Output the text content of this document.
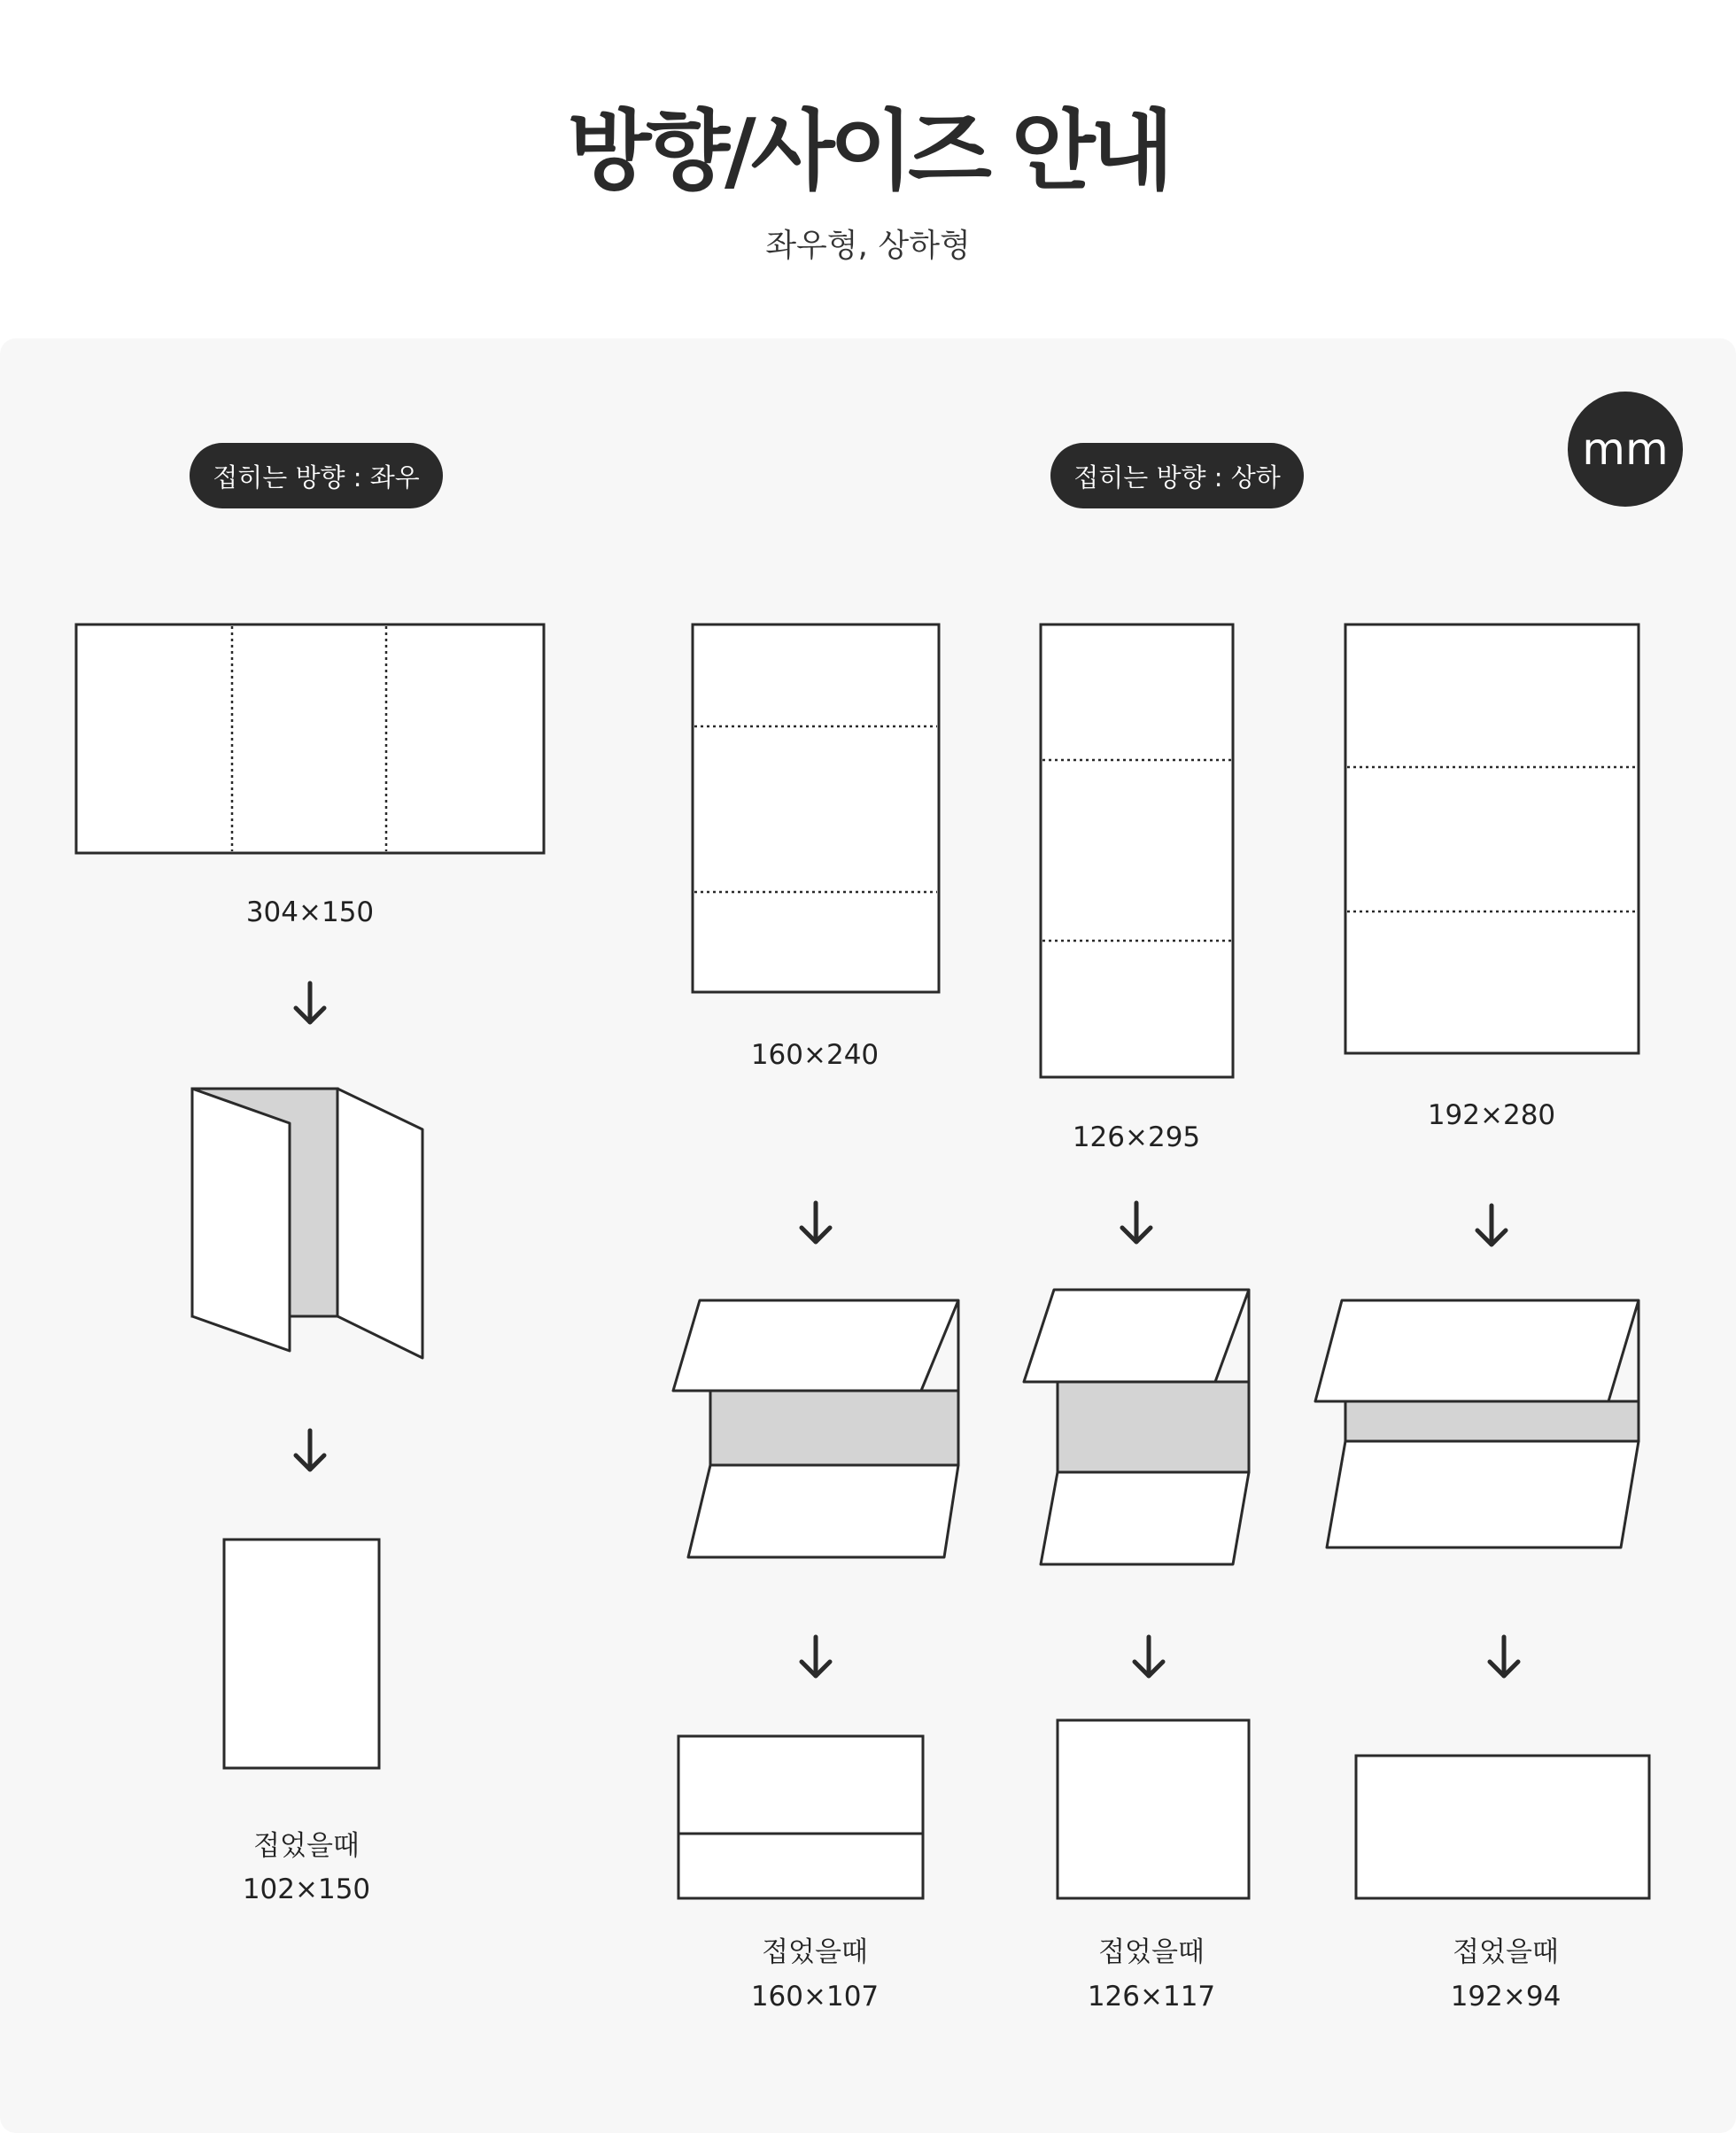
방향/사이즈 안내
좌우형, 상하형
접히는 방향 : 좌우	접히는 방향 : 상하
mm
304×150
접었을때
102×150
160×240
접었을때
160×107
126×295
접었을때
126×117
192×280
접었을때
192×94
